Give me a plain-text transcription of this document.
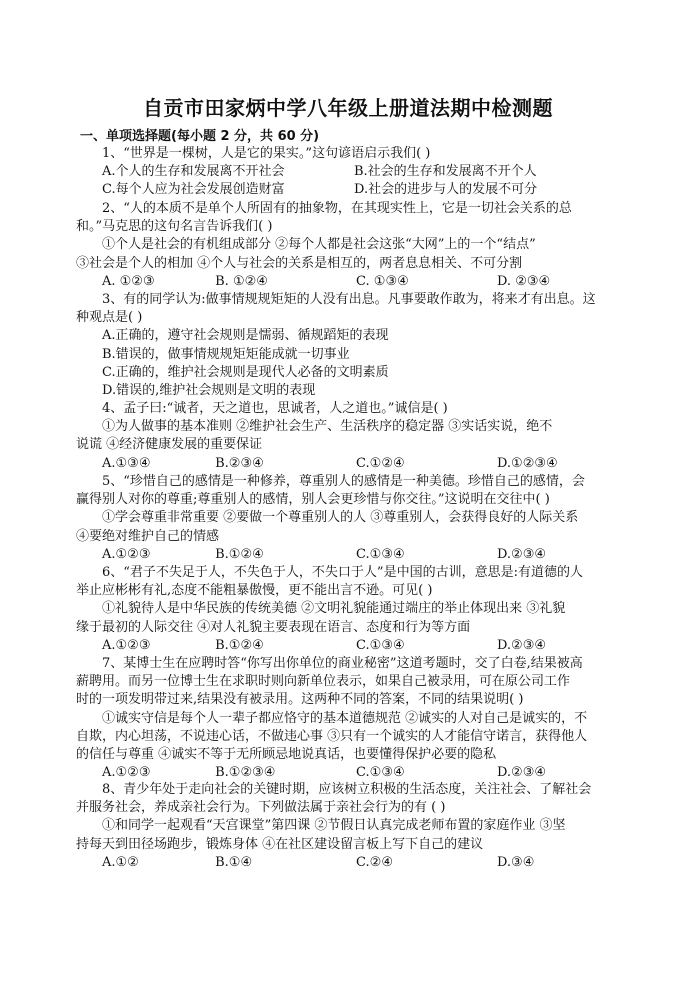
自贡市田家炳中学八年级上册道法期中检测题
一、单项选择题(每小题 2 分，共 60 分)

1、“世界是一棵树，人是它的果实。”这句谚语启示我们( )

A.个人的生存和发展离不开社会	B.社会的生存和发展离不开个人
C.每个人应为社会发展创造财富	D.社会的进步与人的发展不可分

2、“人的本质不是单个人所固有的抽象物，在其现实性上，它是一切社会关系的总

和。”马克思的这句名言告诉我们( )

①个人是社会的有机组成部分 ②每个人都是社会这张“大网”上的一个“结点”

③社会是个人的相加 ④个人与社会的关系是相互的，两者息息相关、不可分割

A. ①②③	B. ①②④	C. ①③④	D. ②③④

3、有的同学认为:做事情规规矩矩的人没有出息。凡事要敢作敢为，将来才有出息。这

种观点是( )

A.正确的，遵守社会规则是懦弱、循规蹈矩的表现

B.错误的，做事情规规矩矩能成就一切事业

C.正确的，维护社会规则是现代人必备的文明素质

D.错误的,维护社会规则是文明的表现

4、孟子曰:“诚者，天之道也，思诚者，人之道也。”诚信是( )

①为人做事的基本准则 ②维护社会生产、生活秩序的稳定器 ③实话实说，绝不

说谎 ④经济健康发展的重要保证

A.①③④	B.②③④	C.①②④	D.①②③④

5、“珍惜自己的感情是一种修养，尊重别人的感情是一种美德。珍惜自己的感情，会

赢得别人对你的尊重;尊重别人的感情，别人会更珍惜与你交往。”这说明在交往中( )

①学会尊重非常重要 ②要做一个尊重别人的人 ③尊重别人，会获得良好的人际关系

④要绝对维护自己的情感

A.①②③	B.①②④	C.①③④	D.②③④

6、“君子不失足于人，不失色于人，不失口于人”是中国的古训，意思是:有道德的人

举止应彬彬有礼,态度不能粗暴傲慢，更不能出言不逊。可见( )

①礼貌待人是中华民族的传统美德 ②文明礼貌能通过端庄的举止体现出来 ③礼貌

缘于最初的人际交往 ④对人礼貌主要表现在语言、态度和行为等方面

A.①②③	B.①②④	C.①③④	D.②③④

7、某博士生在应聘时答“你写出你单位的商业秘密”这道考题时，交了白卷,结果被高

薪聘用。而另一位博士生在求职时则向新单位表示，如果自己被录用，可在原公司工作

时的一项发明带过来,结果没有被录用。这两种不同的答案，不同的结果说明( )

①诚实守信是每个人一辈子都应恪守的基本道德规范 ②诚实的人对自己是诚实的，不

自欺，内心坦荡，不说违心话，不做违心事 ③只有一个诚实的人才能信守诺言，获得他人

的信任与尊重 ④诚实不等于无所顾忌地说真话，也要懂得保护必要的隐私

A.①②③	B.①②③④	C.①③④	D.②③④

8、青少年处于走向社会的关键时期，应该树立积极的生活态度，关注社会、了解社会

并服务社会，养成亲社会行为。下列做法属于亲社会行为的有 ( )

①和同学一起观看“天宫课堂”第四课 ②节假日认真完成老师布置的家庭作业 ③坚

持每天到田径场跑步，锻炼身体 ④在社区建设留言板上写下自己的建议

A.①②	B.①④	C.②④	D.③④
